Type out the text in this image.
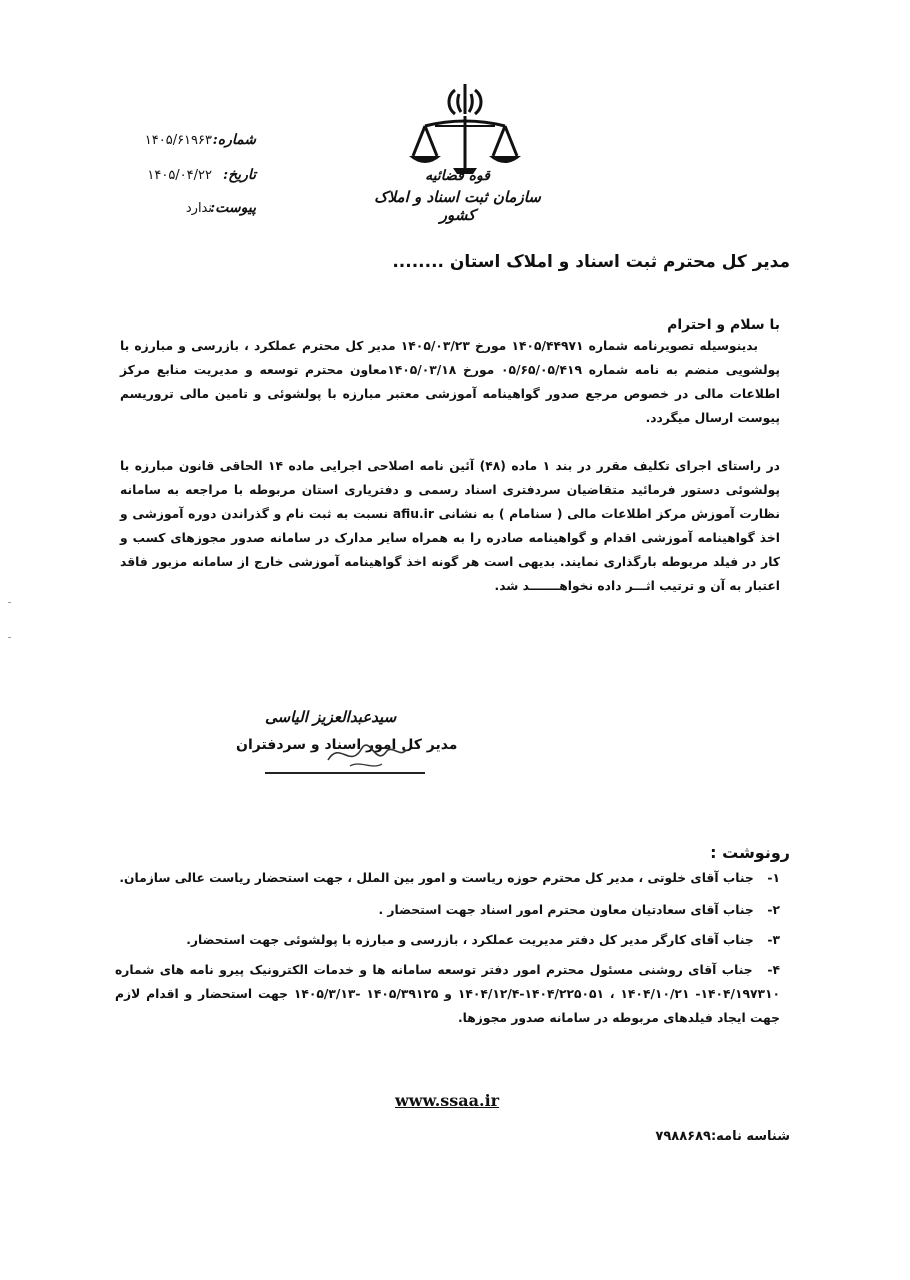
شماره:
۱۴۰۵/۶۱۹۶۳
تاریخ:
۱۴۰۵/۰۴/۲۲
پیوست:
ندارد
قوه قضائیه
سازمان ثبت اسناد و املاک کشور
مدیر کل محترم ثبت اسناد و املاک استان ........
با سلام و احترام
بدینوسیله تصویرنامه شماره ۱۴۰۵/۴۴۹۷۱ مورخ ۱۴۰۵/۰۳/۲۳ مدیر کل محترم عملکرد ، بازرسی و مبارزه با پولشویی منضم به نامه شماره ۰۵/۶۵/۰۵/۴۱۹ مورخ ۱۴۰۵/۰۳/۱۸معاون محترم توسعه و مدیریت منابع مرکز اطلاعات مالی در خصوص مرجع صدور گواهینامه آموزشی معتبر مبارزه با پولشوئی و تامین مالی تروریسم پیوست ارسال میگردد.
در راستای اجرای تکلیف مقرر در بند ۱ ماده (۴۸) آئین نامه اصلاحی اجرایی ماده ۱۴ الحاقی قانون مبارزه با پولشوئی دستور فرمائید متقاضیان سردفتری اسناد رسمی و دفتریاری استان مربوطه با مراجعه به سامانه نظارت آموزش مرکز اطلاعات مالی ( سنامام ) به نشانی afiu.ir نسبت به ثبت نام و گذراندن دوره آموزشی و اخذ گواهینامه آموزشی اقدام و گواهینامه صادره را به همراه سایر مدارک در سامانه صدور مجوزهای کسب و کار در فیلد مربوطه بارگذاری نمایند. بدیهی است هر گونه اخذ گواهینامه آموزشی خارج از سامانه مزبور فاقد اعتبار به آن و ترتیب اثـــر داده نخواهـــــــد شد.
سیدعبدالعزیز الیاسی
مدیر کل امور اسناد و سردفتران
رونوشت :
۱- جناب آقای خلوتی ، مدیر کل محترم حوزه ریاست و امور بین الملل ، جهت استحضار ریاست عالی سازمان.
۲- جناب آقای سعادتیان معاون محترم امور اسناد جهت استحضار .
۳- جناب آقای کارگر مدیر کل دفتر مدیریت عملکرد ، بازرسی و مبارزه با پولشوئی جهت استحضار.
۴- جناب آقای روشنی مسئول محترم امور دفتر توسعه سامانه ها و خدمات الکترونیک پیرو نامه های شماره ۱۴۰۴/۱۹۷۳۱۰- ۱۴۰۴/۱۰/۲۱ ، ۱۴۰۴/۲۲۵۰۵۱-۱۴۰۴/۱۲/۴ و ۱۴۰۵/۳۹۱۲۵ -۱۴۰۵/۳/۱۳ جهت استحضار و اقدام لازم جهت ایجاد فیلدهای مربوطه در سامانه صدور مجوزها.
www.ssaa.ir
شناسه نامه:۷۹۸۸۶۸۹
